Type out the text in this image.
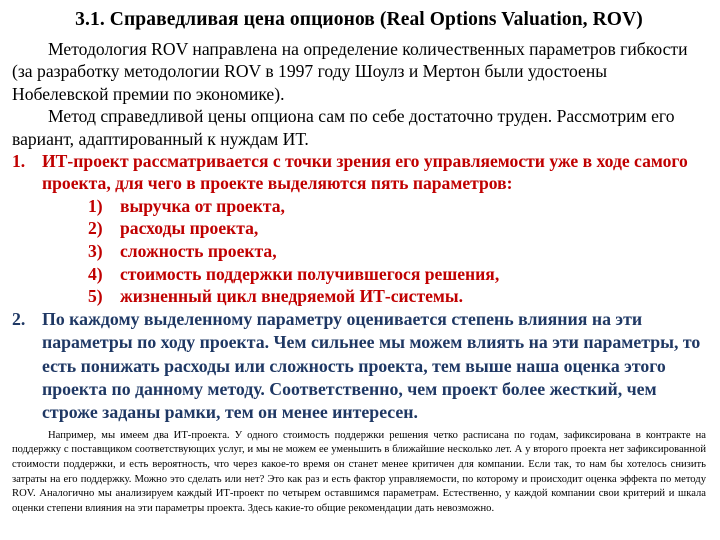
3.1. Справедливая цена опционов (Real Options Valuation, ROV)

Методология ROV направлена на определение количественных параметров гибкости (за разработку методологии ROV в 1997 году Шоулз и Мертон были удостоены Нобелевской премии по экономике).

Метод справедливой цены опциона сам по себе достаточно труден. Рассмотрим его вариант, адаптированный к нуждам ИТ.

1. ИТ-проект рассматривается с точки зрения его управляемости уже в ходе самого проекта, для чего в проекте выделяются пять параметров:
1) выручка от проекта,
2) расходы проекта,
3) сложность проекта,
4) стоимость поддержки получившегося решения,
5) жизненный цикл внедряемой ИТ-системы.
2. По каждому выделенному параметру оценивается степень влияния на эти параметры по ходу проекта. Чем сильнее мы можем влиять на эти параметры, то есть понижать расходы или сложность проекта, тем выше наша оценка этого проекта по данному методу. Соответственно, чем проект более жесткий, чем строже заданы рамки, тем он менее интересен.

Например, мы имеем два ИТ-проекта. У одного стоимость поддержки решения четко расписана по годам, зафиксирована в контракте на поддержку с поставщиком соответствующих услуг, и мы не можем ее уменьшить в ближайшие несколько лет. А у второго проекта нет зафиксированной стоимости поддержки, и есть вероятность, что через какое-то время он станет менее критичен для компании. Если так, то нам бы хотелось снизить затраты на его поддержку. Можно это сделать или нет? Это как раз и есть фактор управляемости, по которому и происходит оценка эффекта по методу ROV. Аналогично мы анализируем каждый ИТ-проект по четырем оставшимся параметрам. Естественно, у каждой компании свои критерий и шкала оценки степени влияния на эти параметры проекта. Здесь какие-то общие рекомендации дать невозможно.
